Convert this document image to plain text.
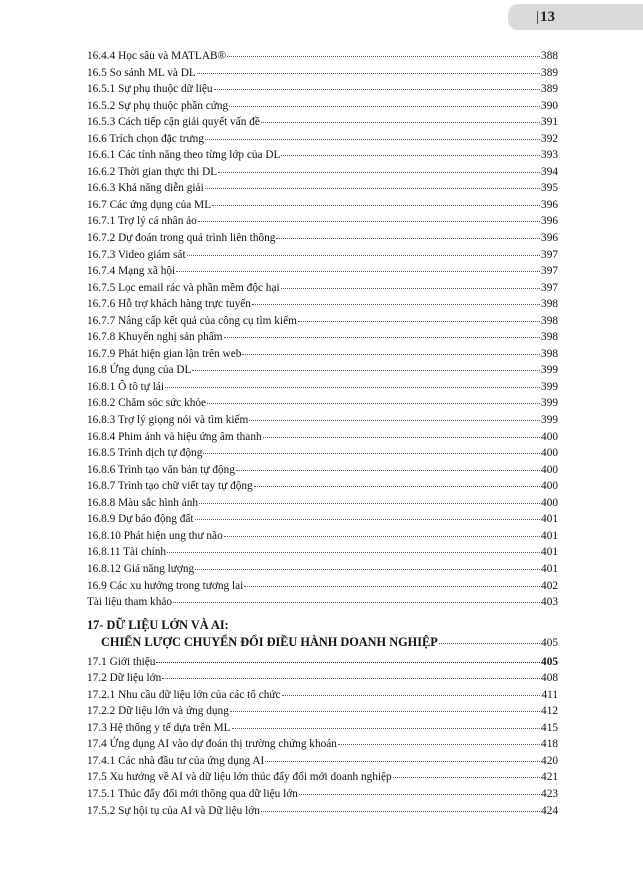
|13
16.4.4 Học sâu và MATLAB®	388
16.5 So sánh ML và DL	389
16.5.1 Sự phụ thuộc dữ liệu	389
16.5.2 Sự phụ thuộc phần cứng	390
16.5.3 Cách tiếp cận giải quyết vấn đề	391
16.6 Trích chọn đặc trưng	392
16.6.1 Các tính năng theo từng lớp của DL	393
16.6.2 Thời gian thực thi DL	394
16.6.3 Khả năng diễn giải	395
16.7 Các ứng dụng của ML	396
16.7.1 Trợ lý cá nhân ảo	396
16.7.2 Dự đoán trong quá trình liên thông	396
16.7.3 Video giám sát	397
16.7.4 Mạng xã hội	397
16.7.5 Lọc email rác và phần mềm độc hại	397
16.7.6 Hỗ trợ khách hàng trực tuyến	398
16.7.7 Nâng cấp kết quả của công cụ tìm kiếm	398
16.7.8 Khuyến nghị sản phẩm	398
16.7.9 Phát hiện gian lận trên web	398
16.8 Ứng dụng của DL	399
16.8.1 Ô tô tự lái	399
16.8.2 Chăm sóc sức khỏe	399
16.8.3 Trợ lý giọng nói và tìm kiếm	399
16.8.4 Phim ảnh và hiệu ứng âm thanh	400
16.8.5 Trình dịch tự động	400
16.8.6 Trình tạo văn bản tự động	400
16.8.7 Trình tạo chữ viết tay tự động	400
16.8.8 Màu sắc hình ảnh	400
16.8.9 Dự báo động đất	401
16.8.10 Phát hiện ung thư não	401
16.8.11 Tài chính	401
16.8.12 Giá năng lượng	401
16.9 Các xu hướng trong tương lai	402
Tài liệu tham khảo	403
17- DỮ LIỆU LỚN VÀ AI:
CHIẾN LƯỢC CHUYỂN ĐỔI ĐIỀU HÀNH DOANH NGHIỆP	405
17.1 Giới thiệu	405
17.2 Dữ liệu lớn	408
17.2.1 Nhu cầu dữ liệu lớn của các tổ chức	411
17.2.2 Dữ liệu lớn và ứng dụng	412
17.3 Hệ thống y tế dựa trên ML	415
17.4 Ứng dụng AI vào dự đoán thị trường chứng khoán	418
17.4.1 Các nhà đầu tư của ứng dụng AI	420
17.5 Xu hướng về AI và dữ liệu lớn thúc đẩy đổi mới doanh nghiệp	421
17.5.1 Thúc đẩy đổi mới thông qua dữ liệu lớn	423
17.5.2 Sự hội tụ của AI và Dữ liệu lớn	424
